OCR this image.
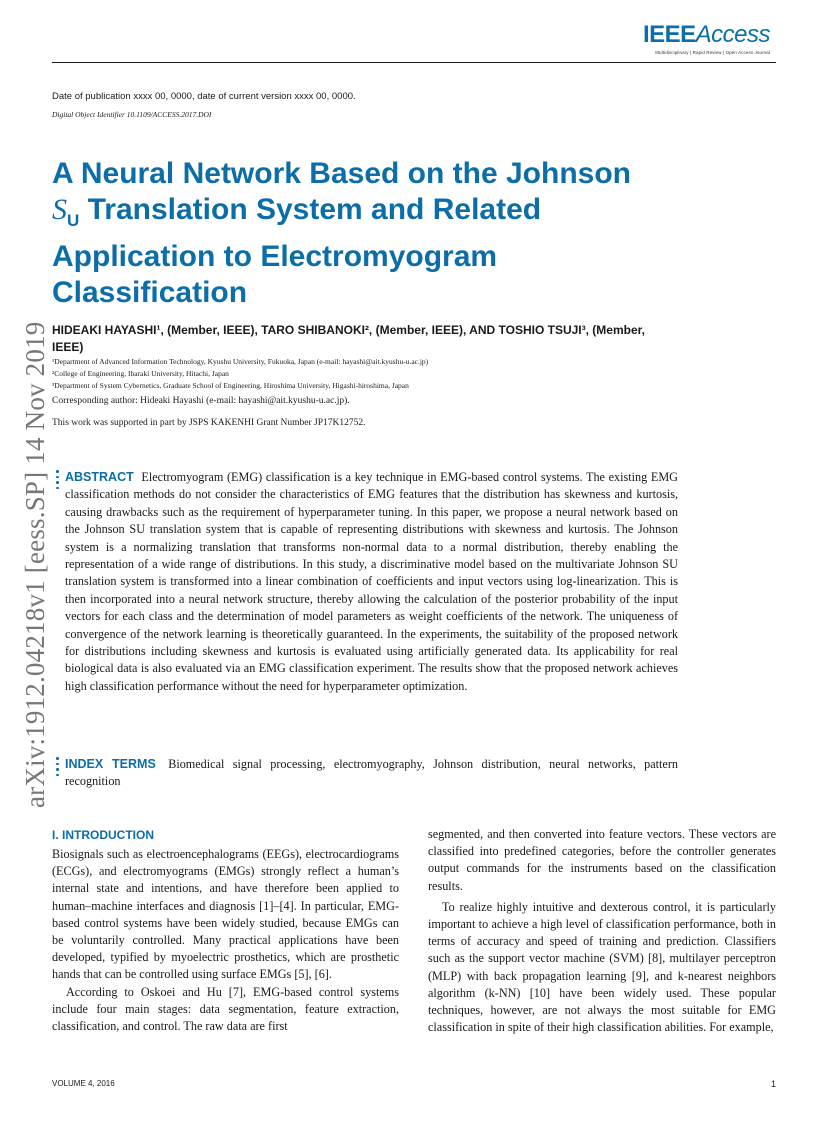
IEEEAccess
Multidisciplinary | Rapid Review | Open Access Journal
Date of publication xxxx 00, 0000, date of current version xxxx 00, 0000.
Digital Object Identifier 10.1109/ACCESS.2017.DOI
arXiv:1912.04218v1 [eess.SP] 14 Nov 2019
A Neural Network Based on the Johnson
$S_U$ Translation System and Related
Application to Electromyogram
Classification
HIDEAKI HAYASHI¹, (Member, IEEE), TARO SHIBANOKI², (Member, IEEE), AND TOSHIO TSUJI³, (Member, IEEE)
¹Department of Advanced Information Technology, Kyushu University, Fukuoka, Japan (e-mail: hayashi@ait.kyushu-u.ac.jp)
²College of Engineering, Ibaraki University, Hitachi, Japan
³Department of System Cybernetics, Graduate School of Engineering, Hiroshima University, Higashi-hiroshima, Japan
Corresponding author: Hideaki Hayashi (e-mail: hayashi@ait.kyushu-u.ac.jp).
This work was supported in part by JSPS KAKENHI Grant Number JP17K12752.
ABSTRACT Electromyogram (EMG) classification is a key technique in EMG-based control systems. The existing EMG classification methods do not consider the characteristics of EMG features that the distribution has skewness and kurtosis, causing drawbacks such as the requirement of hyperparameter tuning. In this paper, we propose a neural network based on the Johnson SU translation system that is capable of representing distributions with skewness and kurtosis. The Johnson system is a normalizing translation that transforms non-normal data to a normal distribution, thereby enabling the representation of a wide range of distributions. In this study, a discriminative model based on the multivariate Johnson SU translation system is transformed into a linear combination of coefficients and input vectors using log-linearization. This is then incorporated into a neural network structure, thereby allowing the calculation of the posterior probability of the input vectors for each class and the determination of model parameters as weight coefficients of the network. The uniqueness of convergence of the network learning is theoretically guaranteed. In the experiments, the suitability of the proposed network for distributions including skewness and kurtosis is evaluated using artificially generated data. Its applicability for real biological data is also evaluated via an EMG classification experiment. The results show that the proposed network achieves high classification performance without the need for hyperparameter optimization.
INDEX TERMS Biomedical signal processing, electromyography, Johnson distribution, neural networks, pattern recognition
I. INTRODUCTION

Biosignals such as electroencephalograms (EEGs), electrocardiograms (ECGs), and electromyograms (EMGs) strongly reflect a human’s internal state and intentions, and have therefore been applied to human–machine interfaces and diagnosis [1]–[4]. In particular, EMG-based control systems have been widely studied, because EMGs can be voluntarily controlled. Many practical applications have been developed, typified by myoelectric prosthetics, which are prosthetic hands that can be controlled using surface EMGs [5], [6].

According to Oskoei and Hu [7], EMG-based control systems include four main stages: data segmentation, feature extraction, classification, and control. The raw data are first

segmented, and then converted into feature vectors. These vectors are classified into predefined categories, before the controller generates output commands for the instruments based on the classification results.

To realize highly intuitive and dexterous control, it is particularly important to achieve a high level of classification performance, both in terms of accuracy and speed of training and prediction. Classifiers such as the support vector machine (SVM) [8], multilayer perceptron (MLP) with back propagation learning [9], and k-nearest neighbors algorithm (k-NN) [10] have been widely used. These popular techniques, however, are not always the most suitable for EMG classification in spite of their high classification abilities. For example,

VOLUME 4, 2016	1
